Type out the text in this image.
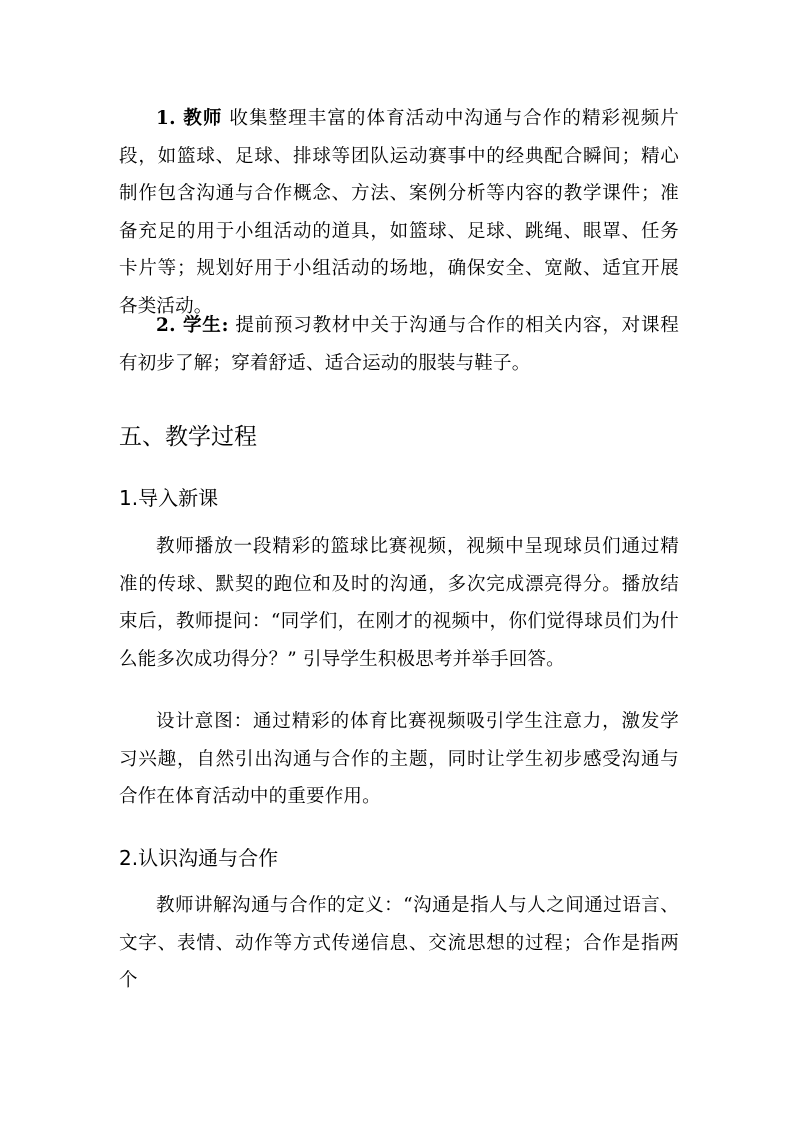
1. 教师 收集整理丰富的体育活动中沟通与合作的精彩视频片段，如篮球、足球、排球等团队运动赛事中的经典配合瞬间；精心制作包含沟通与合作概念、方法、案例分析等内容的教学课件；准备充足的用于小组活动的道具，如篮球、足球、跳绳、眼罩、任务卡片等；规划好用于小组活动的场地，确保安全、宽敞、适宜开展各类活动。

2. 学生: 提前预习教材中关于沟通与合作的相关内容，对课程有初步了解；穿着舒适、适合运动的服装与鞋子。

五、教学过程
1.导入新课

教师播放一段精彩的篮球比赛视频，视频中呈现球员们通过精准的传球、默契的跑位和及时的沟通，多次完成漂亮得分。播放结束后，教师提问：“同学们，在刚才的视频中，你们觉得球员们为什么能多次成功得分？” 引导学生积极思考并举手回答。

设计意图：通过精彩的体育比赛视频吸引学生注意力，激发学习兴趣，自然引出沟通与合作的主题，同时让学生初步感受沟通与合作在体育活动中的重要作用。

2.认识沟通与合作

教师讲解沟通与合作的定义：“沟通是指人与人之间通过语言、文字、表情、动作等方式传递信息、交流思想的过程；合作是指两个
